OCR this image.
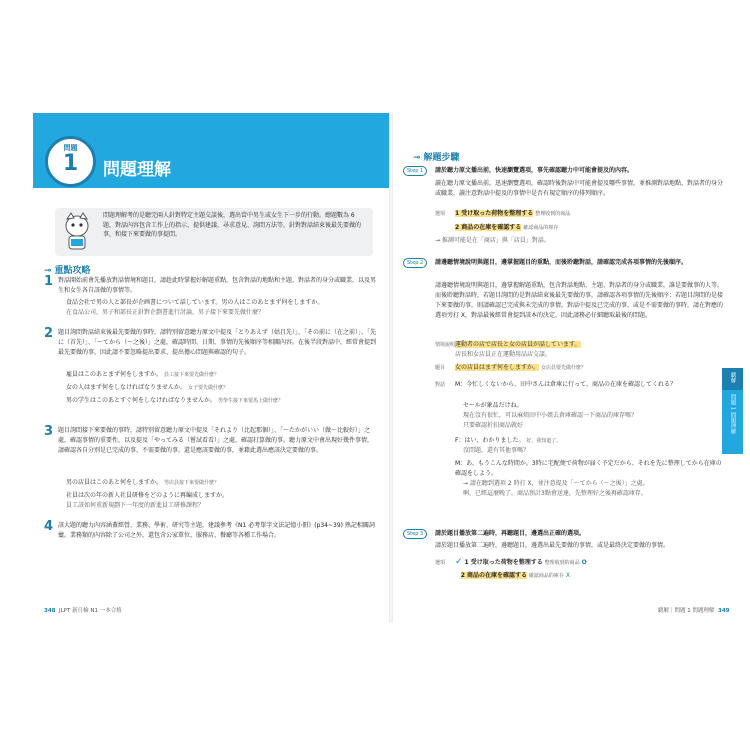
問題
1	問題理解
問題理解考的是聽完兩人針對特定主題交談後，選出當中男生或女生下一步的行動。總題數為 6 題，對話內容包含工作上的指示、提供建議、尋求意見、詢問方法等，針對對話結束後最先要做的事，和接下來要做的事提問。
⊸ 重點攻略
1 對話開始前會先播放對話情境和題目，請趁此時掌握好解題重點，包含對話的地點和主題、對話者的身分或職業，以及男生和女生各自該做的事情等。
食品会社で男の人と部長が企画書について話しています。男の人はこのあとまず何をしますか。
在食品公司，男子和部長正針對企劃書進行討論，男子接下來要先做什麼？
2 題目詢問對話結束後最先要做的事時，請特別留意聽力原文中提及「とりあえず（姑且先）」、「その前に（在之前）」、「先に（首先）」、「～てから（～之後）」之處，確認時間、日期、事情的先後順序等相關內容。在後半段對話中，經常會提到最先要做的事，因此請不要忽略提出要求、提出擔心問題與確認的句子。
雇員はこのあとまず何をしますか。 員工接下來要先做什麼？
女の人はまず何をしなければなりませんか。 女子要先做什麼？
男の学生はこのあとすぐ何をしなければなりませんか。 男學生接下來要馬上做什麼？
3 題目詢問接下來要做的事時，請特別留意聽力原文中提及「それより（比起那個）」、「～たかがいい（做～比較好）」之處，確認事情的重要性，以及提及「やってみる（嘗試看看）」之處，確認打算做的事。聽力原文中會出現好幾件事情，請確認各自分別是已完成的事、不需要做的事，還是應該要做的事，並藉此選出應該決定要做的事。
男の店員はこのあと何をしますか。 男店員接下來要做什麼？
社員は次の年の新人社員研修をどのように再編成しますか。
員工該如何重新規劃下一年度的新進員工研修課程？
4 該大題的聽力內容涵蓋經營、業務、學術、研究等主題，建議參考《N1 必考單字文法記憶小冊》(p34~39) 熟記相關詞彙。業務類的內容除了公司之外，還包含公家單位、服務店、餐廳等各種工作場合。
348 JLPT 新日檢 N1 一本合格
⊸ 解題步驟
Step 1	請於聽力原文播出前，快速瀏覽選項，事先確認聽力中可能會提及的內容。
讀在聽力原文播出前，迅速瀏覽選項，確認時後對話中可能會提及哪些事情，並推測對話地點、對話者的身分或職業，讀注意對話中提及的事情中是否有規定順序的排列順序。
選項 1 受け取った荷物を整理する 整理收到的商品
2 商品の在庫を確認する 確認商品的庫存
→ 推測可能是在「商店」與「店員」對話。
Step 2	請邊聽情境說明與題目，邊掌握題目的重點，而後聆聽對話，請確認完成各項事情的先後順序。
請邊聽情境說明與題目，邊掌握解題重點，包含對話地點、主題、對話者的身分或職業，誰是要做事的人等。而後聆聽對話時，若題目詢問的是對話結束後最先要做的事，請確認各項事情的先後順序；若題目詢問的是接下來要做的事，則請確認已完成與未完成的事情。對話中提及已完成的事，或是不需要做的事時，請在對應的選項旁打 X，對話最後經常會提到該本的決定，因此請務必仔細聽取最後的問題。
情境說明運動者の店で店長と女の店員が話しています。
店長和女店員正在運動用品店交談。
題目 女の店員はまず何をしますか。 女店員要先做什麼？
對話 M：今忙しくないから、田中さんは倉庫に行って、商品の在庫を確認してくれる？
セールが象品だけね。
現在沒有很忙，可以麻煩田中小姐去倉庫確認一下商品的庫存嗎？
只要確認折扣商品就好
F：はい、わかりました。 好，我知道了。
沒問題，還有其他事嗎？
M：あ、もうこんな時間か。3時に宅配便で荷物が届く予定だから、それを先に整理してから在庫の確認をしよう。
→ 請在聽到選項 2 時打 X，並注意提及「～てから（～之後）」之處。
啊，已經這麼晚了。商品預計3點會送達，先整理好之後再確認庫存。
Step 3	請於題目播放第二遍時，再聽題目，邊選出正確的選項。
請於題目播放第二遍時，邊聽題目，邊選出最先要做的事情，或是最終決定要做的事情。
選項 ✓ 1 受け取った荷物を整理する 整理收到的商品 O
2 商品の在庫を確認する 確認商品的庫存 X
聽解｜問題 1 問題理解 349
聽解
問題 1 問題理解
